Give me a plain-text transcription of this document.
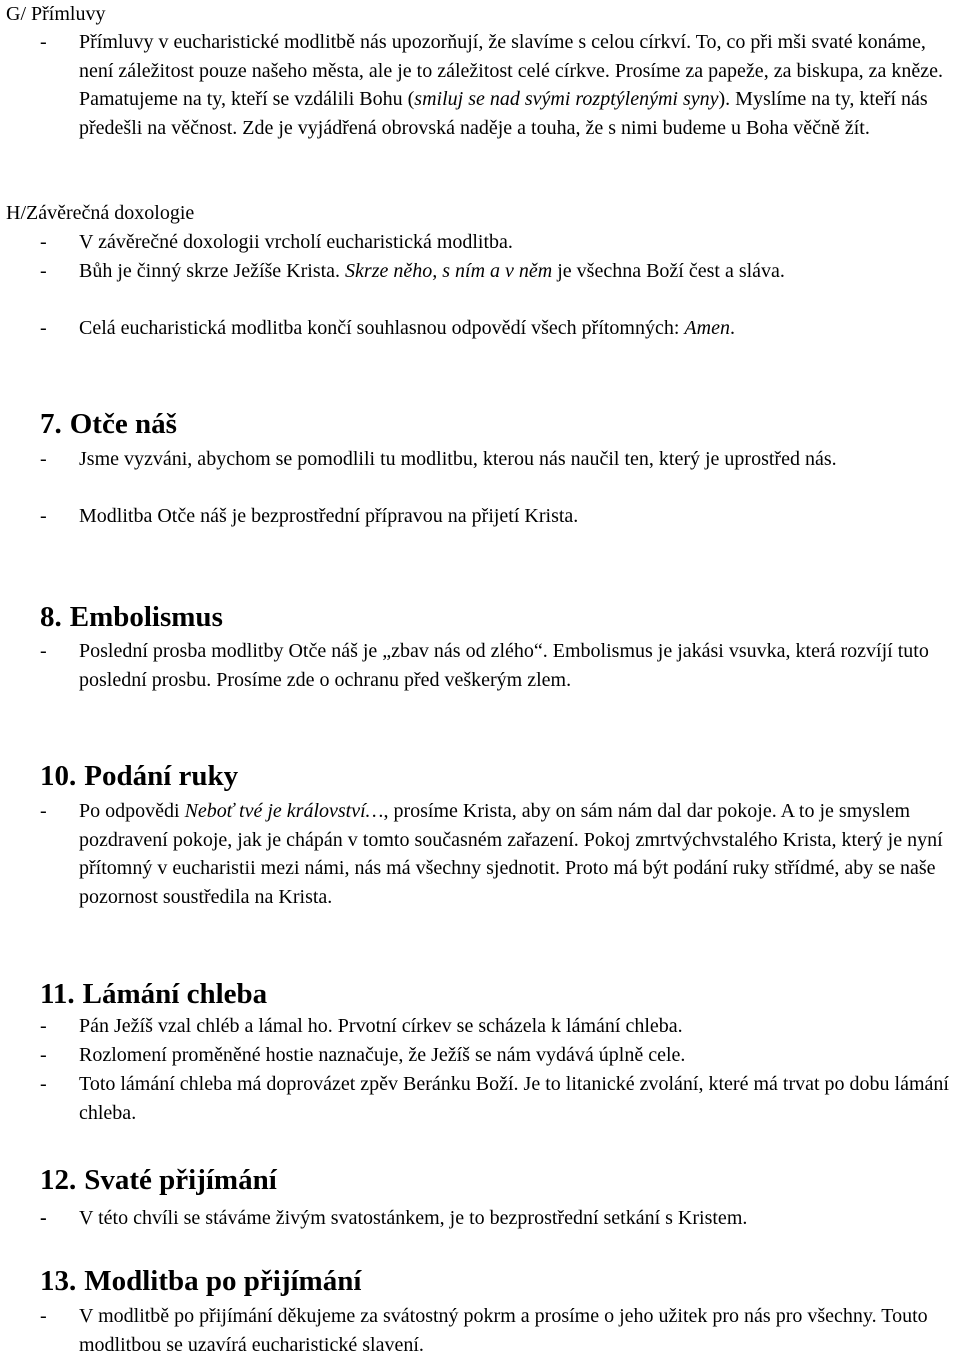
G/ Přímluvy
-	Přímluvy v eucharistické modlitbě nás upozorňují, že slavíme s celou církví. To, co při mši svaté konáme, není záležitost pouze našeho města, ale je to záležitost celé církve. Prosíme za papeže, za biskupa, za kněze. Pamatujeme na ty, kteří se vzdálili Bohu (smiluj se nad svými rozptýlenými syny). Myslíme na ty, kteří nás předešli na věčnost. Zde je vyjádřená obrovská naděje a touha, že s nimi budeme u Boha věčně žít.
H/Závěrečná doxologie
-	V závěrečné doxologii vrcholí eucharistická modlitba.
-	Bůh je činný skrze Ježíše Krista. Skrze něho, s ním a v něm je všechna Boží čest a sláva.
-	Celá eucharistická modlitba končí souhlasnou odpovědí všech přítomných: Amen.
7. Otče náš
-	Jsme vyzváni, abychom se pomodlili tu modlitbu, kterou nás naučil ten, který je uprostřed nás.
-	Modlitba Otče náš je bezprostřední přípravou na přijetí Krista.
8. Embolismus
-	Poslední prosba modlitby Otče náš je „zbav nás od zlého“. Embolismus je jakási vsuvka, která rozvíjí tuto poslední prosbu. Prosíme zde o ochranu před veškerým zlem.
10. Podání ruky
-	Po odpovědi Neboť tvé je království…, prosíme Krista, aby on sám nám dal dar pokoje. A to je smyslem pozdravení pokoje, jak je chápán v tomto současném zařazení. Pokoj zmrtvýchvstalého Krista, který je nyní přítomný v eucharistii mezi námi, nás má všechny sjednotit. Proto má být podání ruky střídmé, aby se naše pozornost soustředila na Krista.
11. Lámání chleba
-	Pán Ježíš vzal chléb a lámal ho. Prvotní církev se scházela k lámání chleba.
-	Rozlomení proměněné hostie naznačuje, že Ježíš se nám vydává úplně cele.
-	Toto lámání chleba má doprovázet zpěv Beránku Boží. Je to litanické zvolání, které má trvat po dobu lámání chleba.
12. Svaté přijímání
-	V této chvíli se stáváme živým svatostánkem, je to bezprostřední setkání s Kristem.
13. Modlitba po přijímání
-	V modlitbě po přijímání děkujeme za svátostný pokrm a prosíme o jeho užitek pro nás pro všechny. Touto modlitbou se uzavírá eucharistické slavení.
